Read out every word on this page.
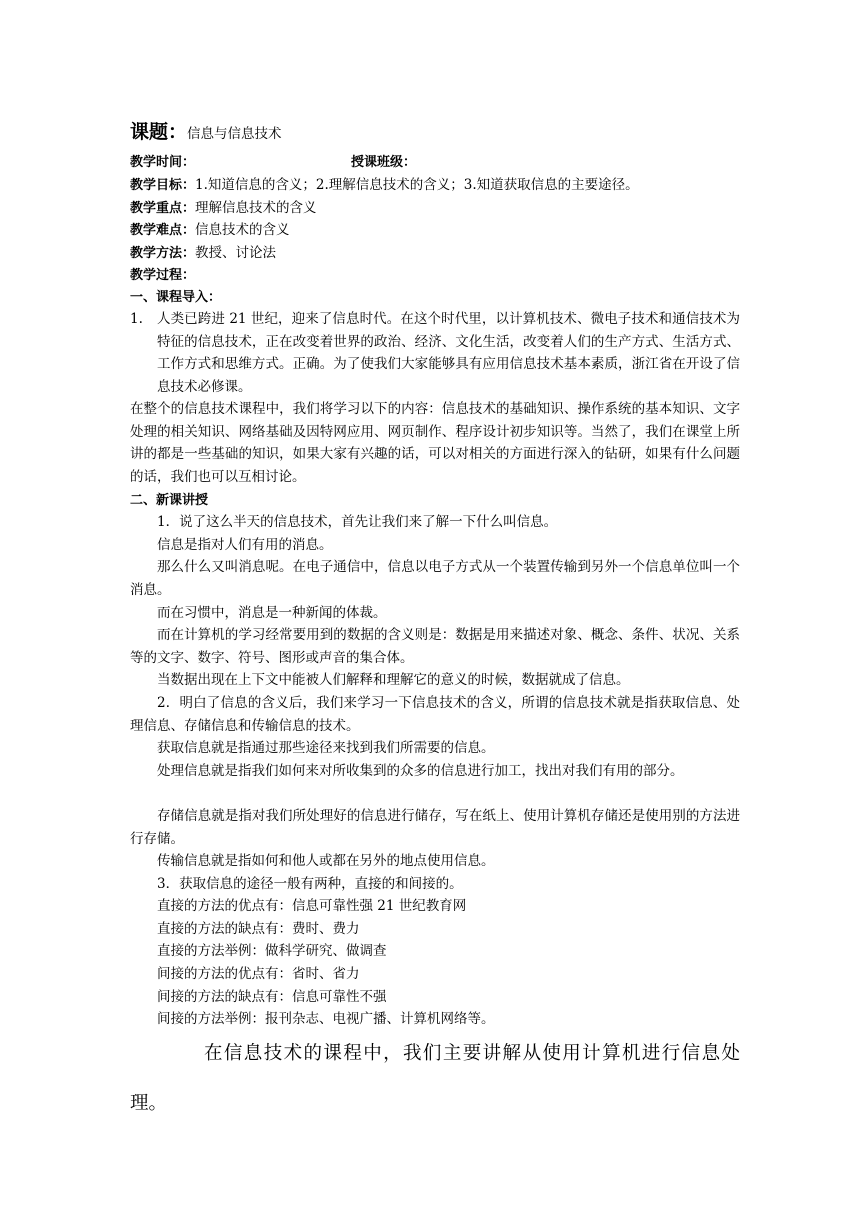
课题：信息与信息技术
教学时间：	授课班级：
教学目标：1.知道信息的含义；2.理解信息技术的含义；3.知道获取信息的主要途径。
教学重点：理解信息技术的含义
教学难点：信息技术的含义
教学方法：教授、讨论法
教学过程：
一、课程导入：
1. 人类已跨进 21 世纪，迎来了信息时代。在这个时代里，以计算机技术、微电子技术和通信技术为特征的信息技术，正在改变着世界的政治、经济、文化生活，改变着人们的生产方式、生活方式、工作方式和思维方式。正确。为了使我们大家能够具有应用信息技术基本素质，浙江省在开设了信息技术必修课。
在整个的信息技术课程中，我们将学习以下的内容：信息技术的基础知识、操作系统的基本知识、文字处理的相关知识、网络基础及因特网应用、网页制作、程序设计初步知识等。当然了，我们在课堂上所讲的都是一些基础的知识，如果大家有兴趣的话，可以对相关的方面进行深入的钻研，如果有什么问题的话，我们也可以互相讨论。
二、新课讲授
1．说了这么半天的信息技术，首先让我们来了解一下什么叫信息。
信息是指对人们有用的消息。
那么什么又叫消息呢。在电子通信中，信息以电子方式从一个装置传输到另外一个信息单位叫一个消息。
而在习惯中，消息是一种新闻的体裁。
而在计算机的学习经常要用到的数据的含义则是：数据是用来描述对象、概念、条件、状况、关系等的文字、数字、符号、图形或声音的集合体。
当数据出现在上下文中能被人们解释和理解它的意义的时候，数据就成了信息。
2．明白了信息的含义后，我们来学习一下信息技术的含义，所谓的信息技术就是指获取信息、处理信息、存储信息和传输信息的技术。
获取信息就是指通过那些途径来找到我们所需要的信息。
处理信息就是指我们如何来对所收集到的众多的信息进行加工，找出对我们有用的部分。
存储信息就是指对我们所处理好的信息进行储存，写在纸上、使用计算机存储还是使用别的方法进行存储。
传输信息就是指如何和他人或都在另外的地点使用信息。
3．获取信息的途径一般有两种，直接的和间接的。
直接的方法的优点有：信息可靠性强 21 世纪教育网
直接的方法的缺点有：费时、费力
直接的方法举例：做科学研究、做调查
间接的方法的优点有：省时、省力
间接的方法的缺点有：信息可靠性不强
间接的方法举例：报刊杂志、电视广播、计算机网络等。
在信息技术的课程中，我们主要讲解从使用计算机进行信息处理。
